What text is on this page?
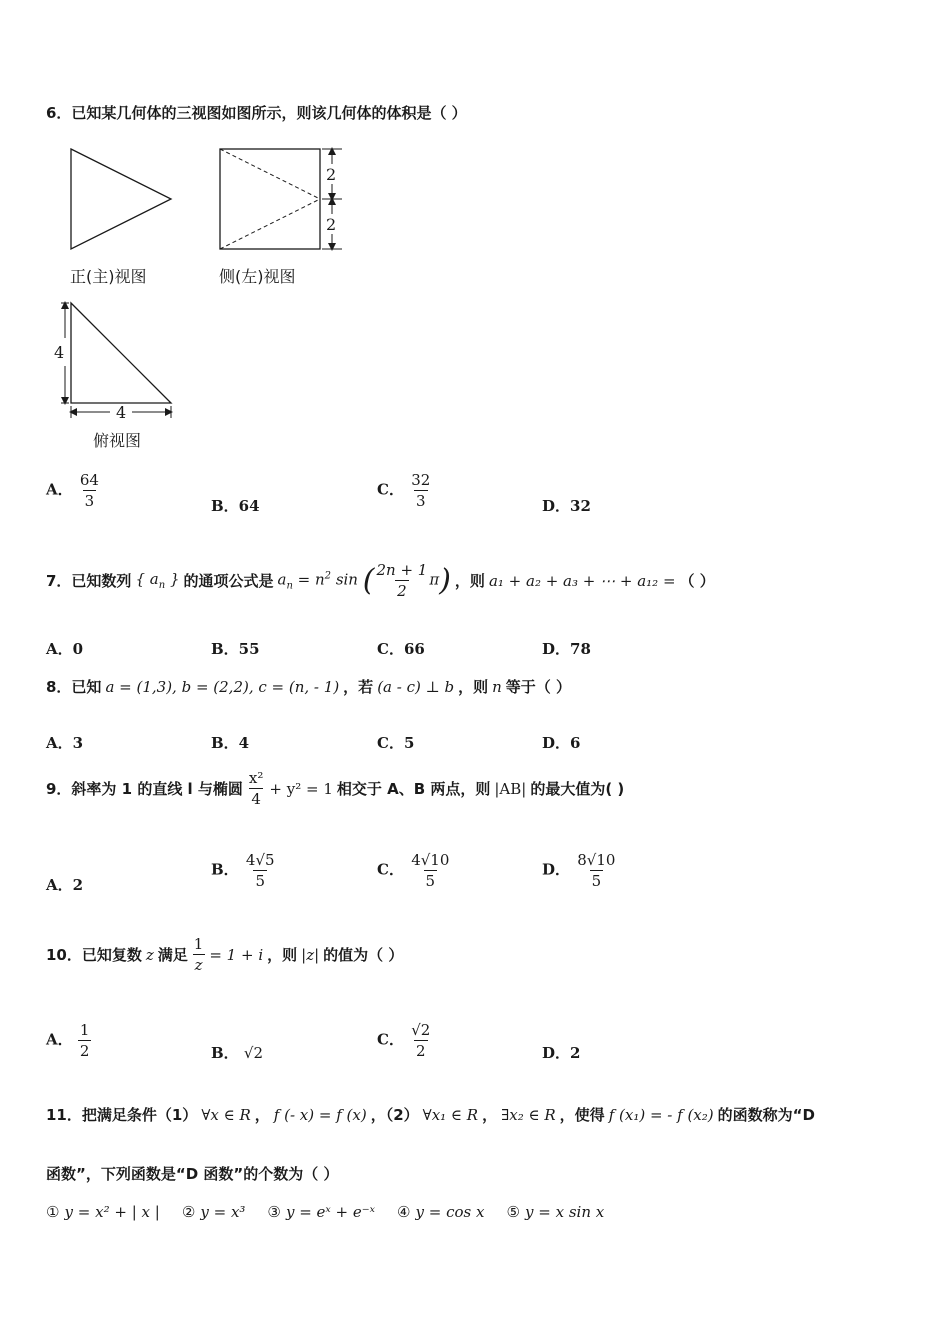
6．已知某几何体的三视图如图所示，则该几何体的体积是（ ）
2
2
4
4
正(主)视图	侧(左)视图
俯视图
A． $\frac{64}{3}$	B．64
C． $\frac{32}{3}$	D．32
7．已知数列 { $a_n$ } 的通项公式是 $a_n = n^2$ sin ( $\frac{2n + 1}{2} \pi$) ，则 a₁ + a₂ + a₃ + ⋯ + a₁₂ = （ ）
A．0	B．55	C．66	D．78
8．已知 a = (1,3), b = (2,2), c = (n, - 1) ，若 (a - c) ⊥ b ，则 n 等于（ ）
A．3	B．4	C．5	D．6
9．斜率为 1 的直线 l 与椭圆 $\frac{\text{x²}}{4} + y^2 = 1$ 相交于 A、B 两点，则 |AB| 的最大值为( )
A．2
B． $\frac{4√5}{5}$	C． $\frac{4√10}{5}$	D． $\frac{8√10}{5}$
10．已知复数 z 满足 $\frac{1}{z} = 1 + i$ ，则 |z| 的值为（ ）
A． $\frac{1}{2}$	B． √2
C． $\frac{√2}{2}$	D．2
11．把满足条件（1） ∀x ∈ R ， f (- x) = f (x) ，（2） ∀x₁ ∈ R ， ∃x₂ ∈ R ，使得 f (x₁) = - f (x₂) 的函数称为“D
函数”，下列函数是“D 函数”的个数为（ ）
① y = x² + | x | ② y = x³ ③ y = eˣ + e⁻ˣ ④ y = cos x ⑤ y = x sin x
